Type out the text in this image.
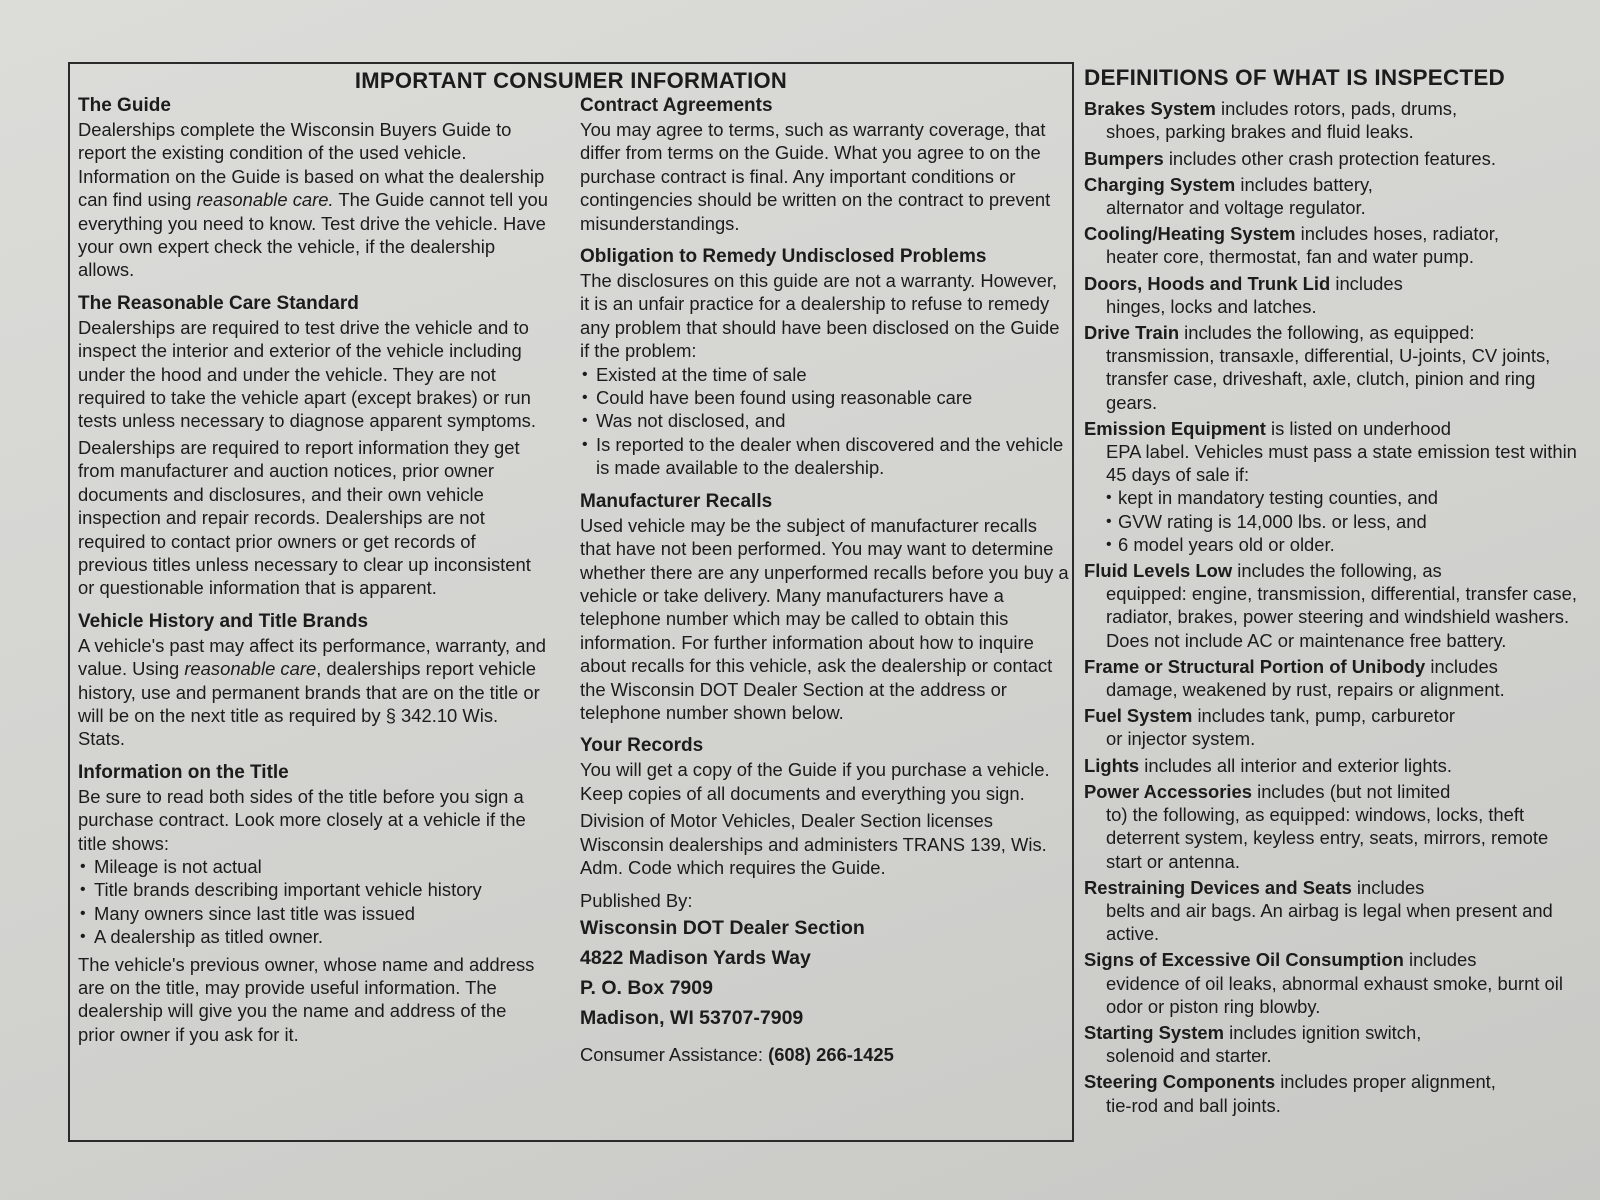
IMPORTANT CONSUMER INFORMATION
The Guide

Dealerships complete the Wisconsin Buyers Guide to report the existing condition of the used vehicle. Information on the Guide is based on what the dealership can find using reasonable care. The Guide cannot tell you everything you need to know. Test drive the vehicle. Have your own expert check the vehicle, if the dealership allows.

The Reasonable Care Standard

Dealerships are required to test drive the vehicle and to inspect the interior and exterior of the vehicle including under the hood and under the vehicle. They are not required to take the vehicle apart (except brakes) or run tests unless necessary to diagnose apparent symptoms.

Dealerships are required to report information they get from manufacturer and auction notices, prior owner documents and disclosures, and their own vehicle inspection and repair records. Dealerships are not required to contact prior owners or get records of previous titles unless necessary to clear up inconsistent or questionable information that is apparent.

Vehicle History and Title Brands

A vehicle's past may affect its performance, warranty, and value. Using reasonable care, dealerships report vehicle history, use and permanent brands that are on the title or will be on the next title as required by § 342.10 Wis. Stats.

Information on the Title

Be sure to read both sides of the title before you sign a purchase contract. Look more closely at a vehicle if the title shows:

• Mileage is not actual
• Title brands describing important vehicle history
• Many owners since last title was issued
• A dealership as titled owner.

The vehicle's previous owner, whose name and address are on the title, may provide useful information. The dealership will give you the name and address of the prior owner if you ask for it.

Contract Agreements

You may agree to terms, such as warranty coverage, that differ from terms on the Guide. What you agree to on the purchase contract is final. Any important conditions or contingencies should be written on the contract to prevent misunderstandings.

Obligation to Remedy Undisclosed Problems

The disclosures on this guide are not a warranty. However, it is an unfair practice for a dealership to refuse to remedy any problem that should have been disclosed on the Guide if the problem:

• Existed at the time of sale
• Could have been found using reasonable care
• Was not disclosed, and
• Is reported to the dealer when discovered and the vehicle is made available to the dealership.
Manufacturer Recalls

Used vehicle may be the subject of manufacturer recalls that have not been performed. You may want to determine whether there are any unperformed recalls before you buy a vehicle or take delivery. Many manufacturers have a telephone number which may be called to obtain this information. For further information about how to inquire about recalls for this vehicle, ask the dealership or contact the Wisconsin DOT Dealer Section at the address or telephone number shown below.

Your Records

You will get a copy of the Guide if you purchase a vehicle. Keep copies of all documents and everything you sign.

Division of Motor Vehicles, Dealer Section licenses Wisconsin dealerships and administers TRANS 139, Wis. Adm. Code which requires the Guide.

Published By:

Wisconsin DOT Dealer Section
4822 Madison Yards Way
P. O. Box 7909
Madison, WI 53707-7909

Consumer Assistance: (608) 266-1425

DEFINITIONS OF WHAT IS INSPECTED
Brakes System includes rotors, pads, drums,
shoes, parking brakes and fluid leaks.
Bumpers includes other crash protection features.
Charging System includes battery,
alternator and voltage regulator.
Cooling/Heating System includes hoses, radiator,
heater core, thermostat, fan and water pump.
Doors, Hoods and Trunk Lid includes
hinges, locks and latches.
Drive Train includes the following, as equipped:
transmission, transaxle, differential, U-joints, CV joints, transfer case, driveshaft, axle, clutch, pinion and ring gears.
Emission Equipment is listed on underhood
EPA label. Vehicles must pass a state emission test within 45 days of sale if:
• kept in mandatory testing counties, and
• GVW rating is 14,000 lbs. or less, and
• 6 model years old or older.
Fluid Levels Low includes the following, as
equipped: engine, transmission, differential, transfer case, radiator, brakes, power steering and windshield washers. Does not include AC or maintenance free battery.
Frame or Structural Portion of Unibody includes
damage, weakened by rust, repairs or alignment.
Fuel System includes tank, pump, carburetor
or injector system.
Lights includes all interior and exterior lights.
Power Accessories includes (but not limited
to) the following, as equipped: windows, locks, theft deterrent system, keyless entry, seats, mirrors, remote start or antenna.
Restraining Devices and Seats includes
belts and air bags. An airbag is legal when present and active.
Signs of Excessive Oil Consumption includes
evidence of oil leaks, abnormal exhaust smoke, burnt oil odor or piston ring blowby.
Starting System includes ignition switch,
solenoid and starter.
Steering Components includes proper alignment,
tie-rod and ball joints.
